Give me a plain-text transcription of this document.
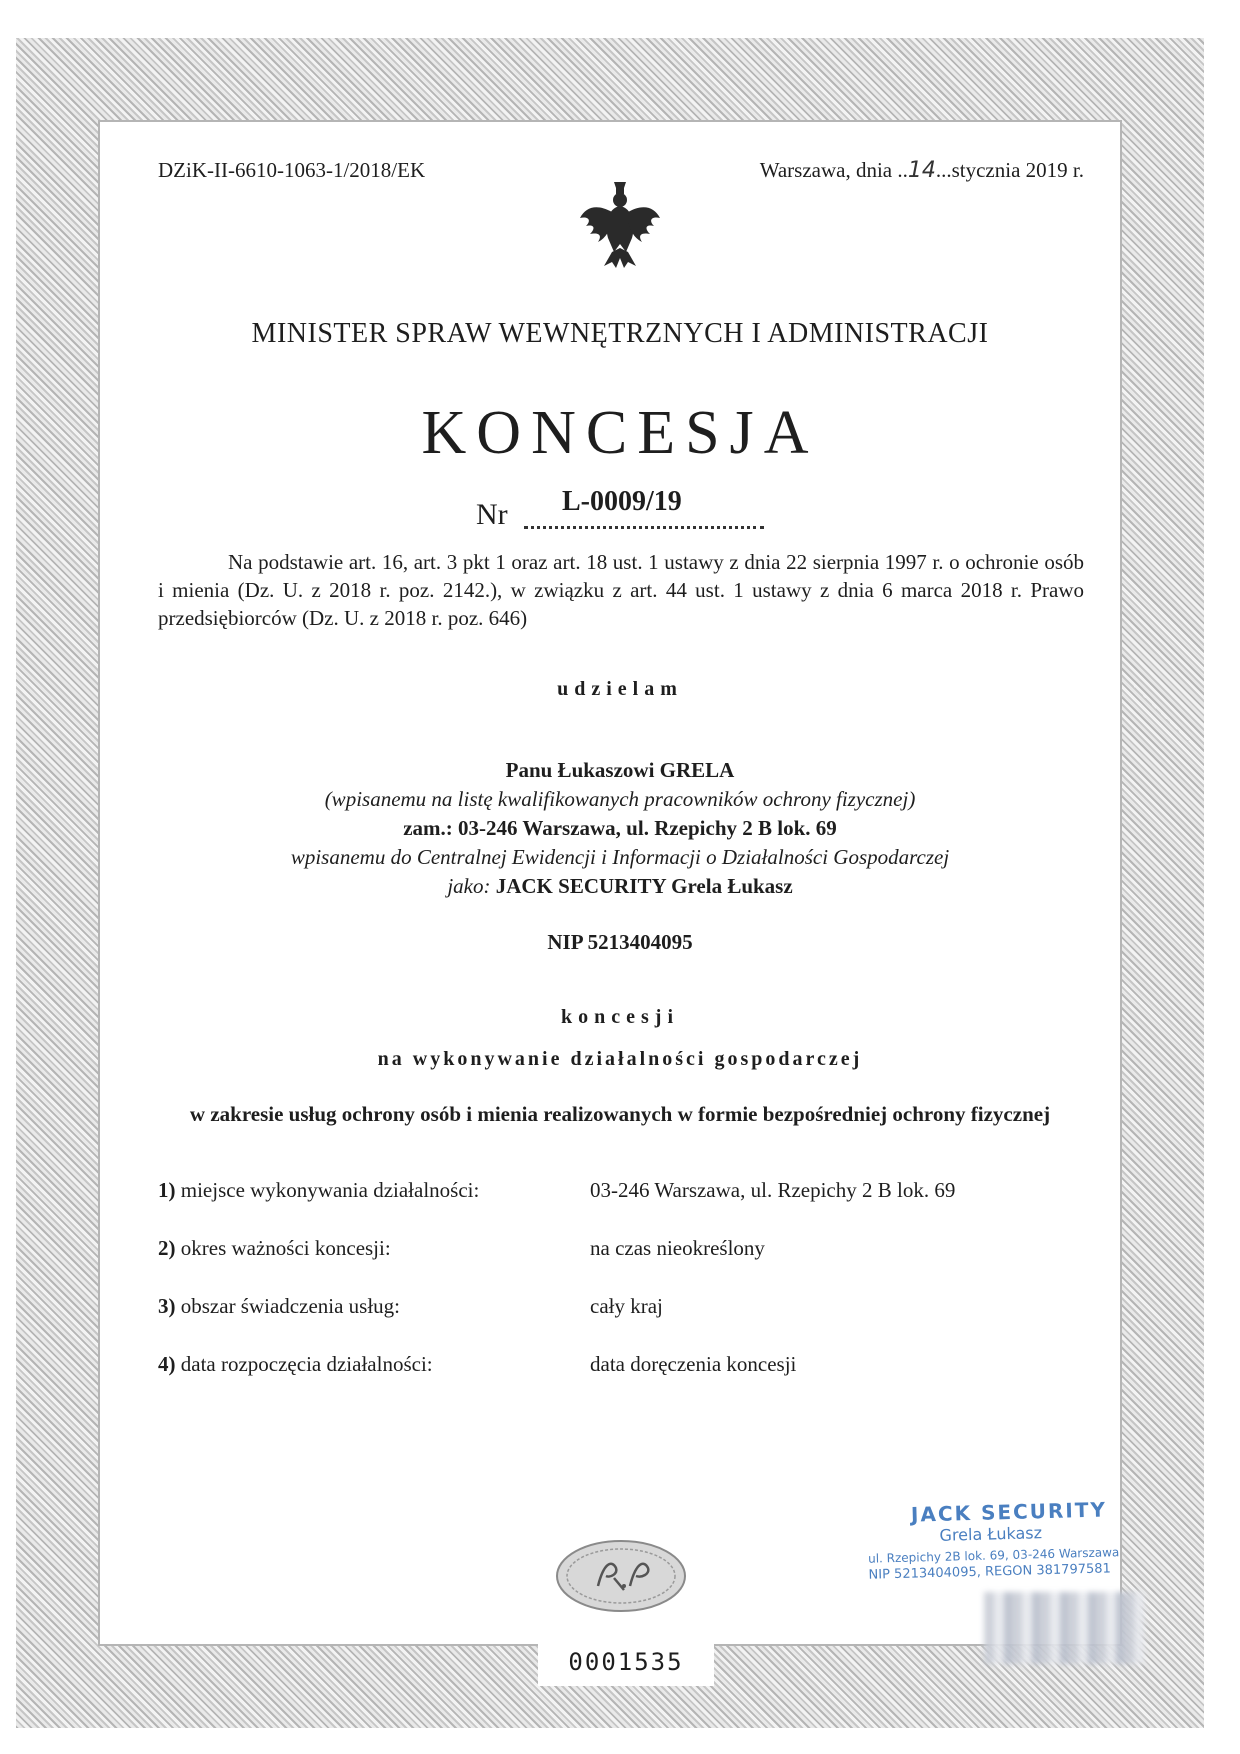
DZiK-II-6610-1063-1/2018/EK	Warszawa, dnia ..14...stycznia 2019 r.
MINISTER SPRAW WEWNĘTRZNYCH I ADMINISTRACJI
KONCESJA
Nr L-0009/19
Na podstawie art. 16, art. 3 pkt 1 oraz art. 18 ust. 1 ustawy z dnia 22 sierpnia 1997 r. o ochronie osób i mienia (Dz. U. z 2018 r. poz. 2142.), w związku z art. 44 ust. 1 ustawy z dnia 6 marca 2018 r. Prawo przedsiębiorców (Dz. U. z 2018 r. poz. 646)
udzielam
Panu Łukaszowi GRELA
(wpisanemu na listę kwalifikowanych pracowników ochrony fizycznej)
zam.: 03-246 Warszawa, ul. Rzepichy 2 B lok. 69
wpisanemu do Centralnej Ewidencji i Informacji o Działalności Gospodarczej
jako: JACK SECURITY Grela Łukasz
NIP 5213404095
koncesji
na wykonywanie działalności gospodarczej
w zakresie usług ochrony osób i mienia realizowanych w formie bezpośredniej ochrony fizycznej
1) miejsce wykonywania działalności:	03-246 Warszawa, ul. Rzepichy 2 B lok. 69
2) okres ważności koncesji:	na czas nieokreślony
3) obszar świadczenia usług:	cały kraj
4) data rozpoczęcia działalności:	data doręczenia koncesji
JACK SECURITY
Grela Łukasz
ul. Rzepichy 2B lok. 69, 03-246 Warszawa
NIP 5213404095, REGON 381797581
0001535
